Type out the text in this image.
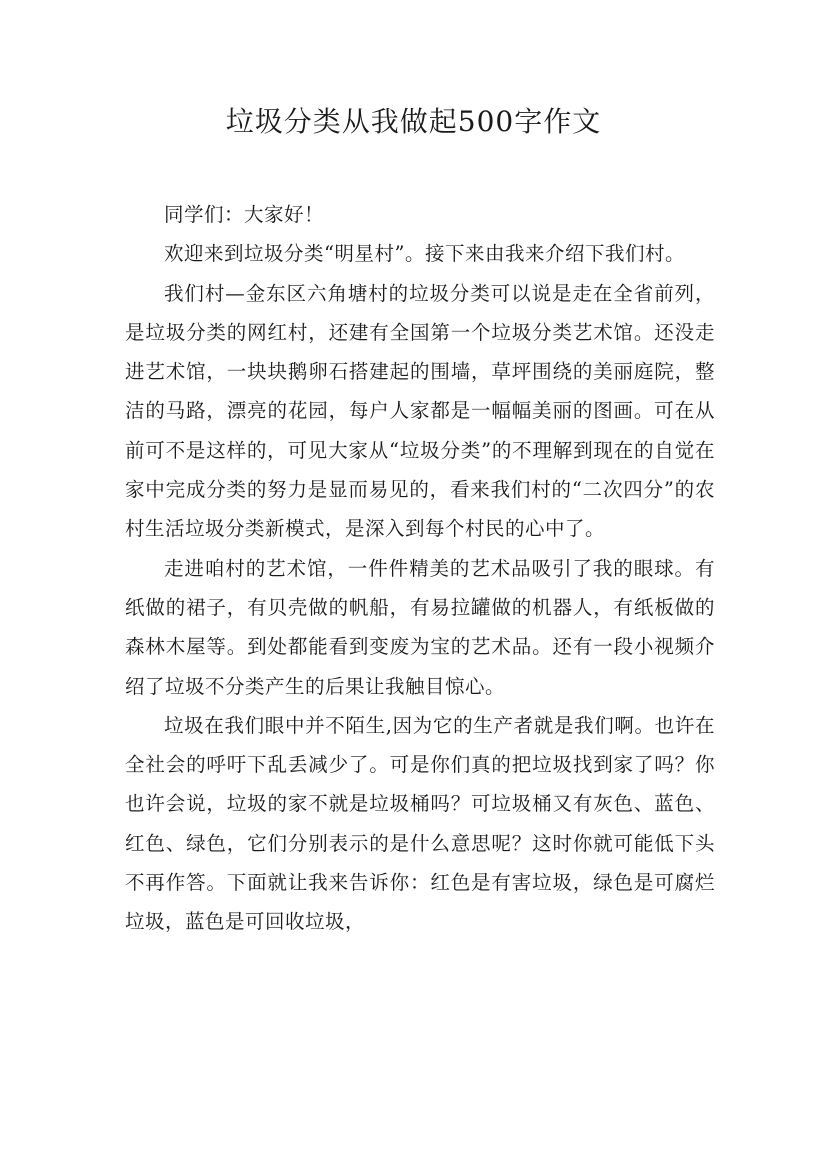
垃圾分类从我做起500字作文

同学们：大家好！

欢迎来到垃圾分类“明星村”。接下来由我来介绍下我们村。

我们村—金东区六角塘村的垃圾分类可以说是走在全省前列，是垃圾分类的网红村，还建有全国第一个垃圾分类艺术馆。还没走进艺术馆，一块块鹅卵石搭建起的围墙，草坪围绕的美丽庭院，整洁的马路，漂亮的花园，每户人家都是一幅幅美丽的图画。可在从前可不是这样的，可见大家从“垃圾分类”的不理解到现在的自觉在家中完成分类的努力是显而易见的，看来我们村的“二次四分”的农村生活垃圾分类新模式，是深入到每个村民的心中了。

走进咱村的艺术馆，一件件精美的艺术品吸引了我的眼球。有纸做的裙子，有贝壳做的帆船，有易拉罐做的机器人，有纸板做的森林木屋等。到处都能看到变废为宝的艺术品。还有一段小视频介绍了垃圾不分类产生的后果让我触目惊心。

垃圾在我们眼中并不陌生,因为它的生产者就是我们啊。也许在全社会的呼吁下乱丢减少了。可是你们真的把垃圾找到家了吗？你也许会说，垃圾的家不就是垃圾桶吗？可垃圾桶又有灰色、蓝色、红色、绿色，它们分别表示的是什么意思呢？这时你就可能低下头不再作答。下面就让我来告诉你：红色是有害垃圾，绿色是可腐烂垃圾，蓝色是可回收垃圾，
